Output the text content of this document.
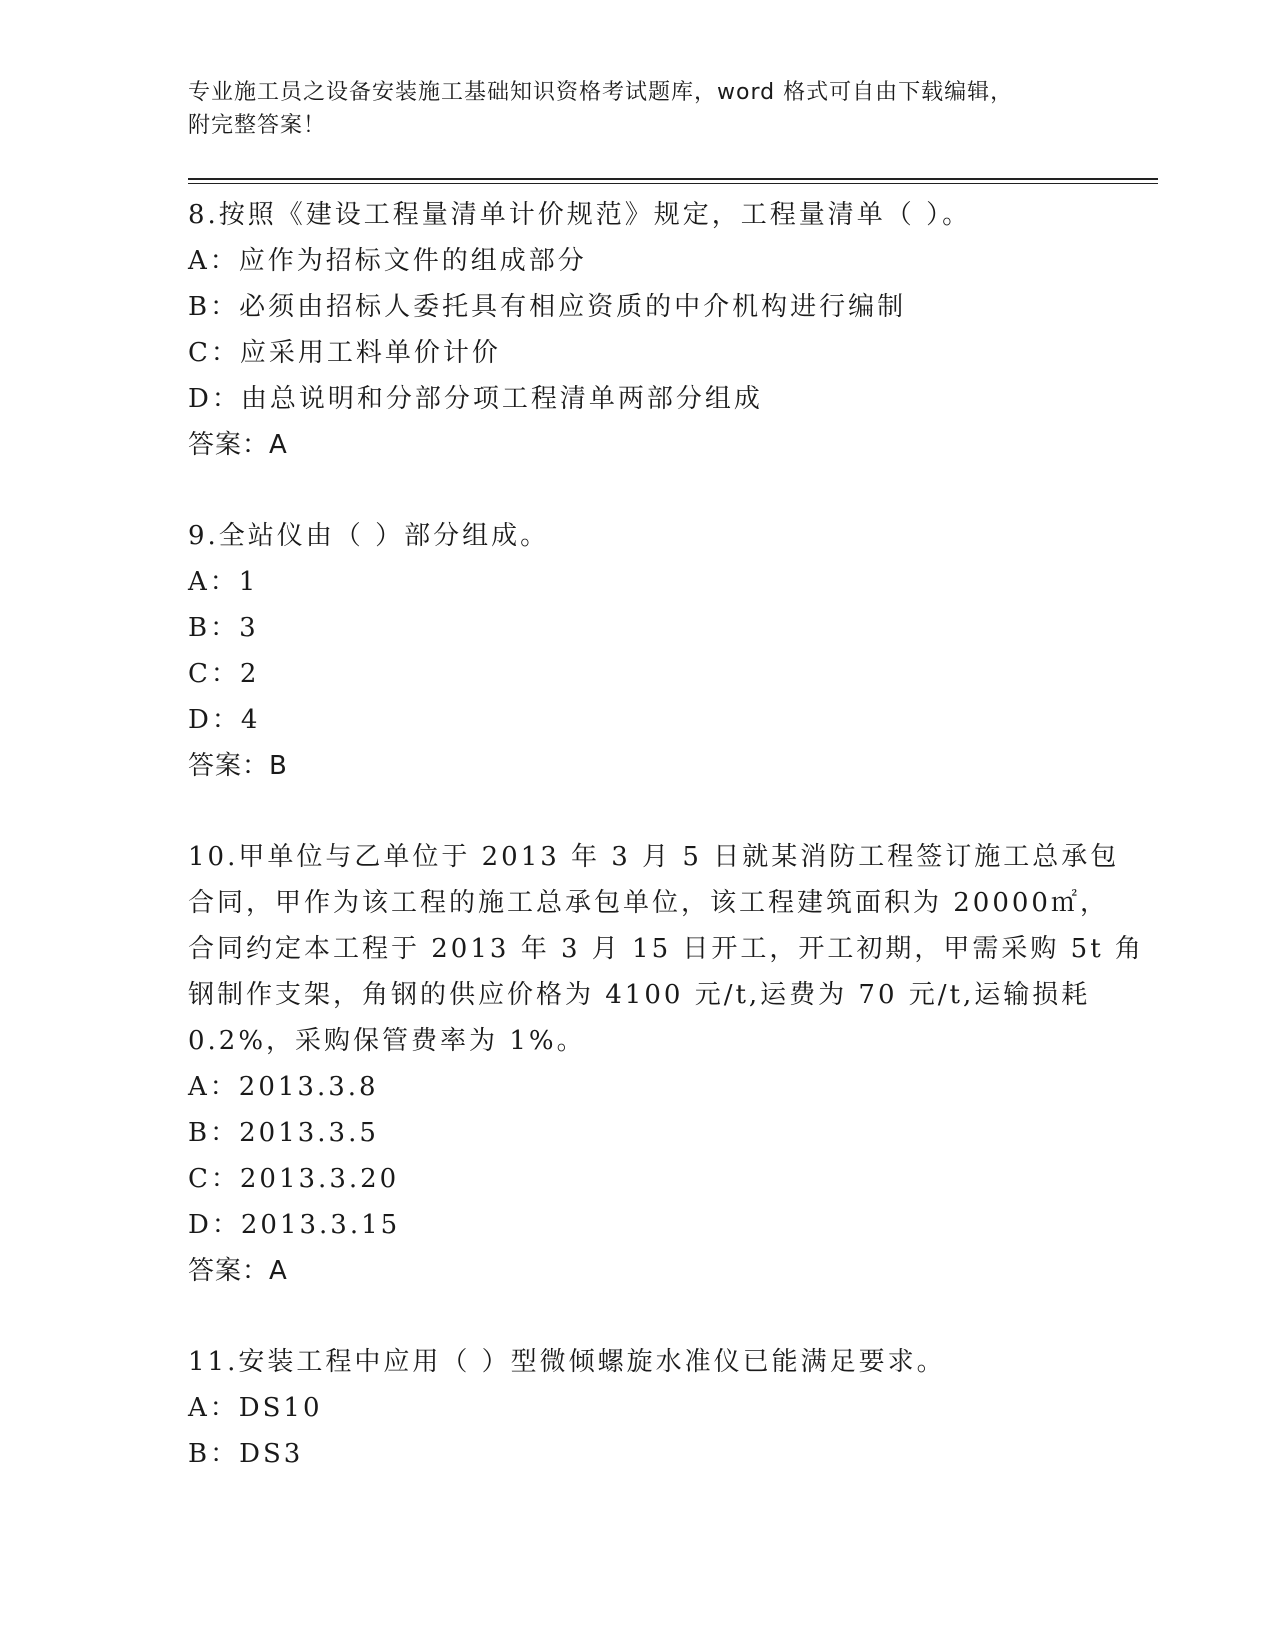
专业施工员之设备安装施工基础知识资格考试题库，word 格式可自由下载编辑，
附完整答案！
8.按照《建设工程量清单计价规范》规定，工程量清单（ ）。
A：应作为招标文件的组成部分
B：必须由招标人委托具有相应资质的中介机构进行编制
C：应采用工料单价计价
D：由总说明和分部分项工程清单两部分组成
答案：A
9.全站仪由（ ）部分组成。
A：1
B：3
C：2
D：4
答案：B
10.甲单位与乙单位于 2013 年 3 月 5 日就某消防工程签订施工总承包
合同，甲作为该工程的施工总承包单位，该工程建筑面积为 20000㎡，
合同约定本工程于 2013 年 3 月 15 日开工，开工初期，甲需采购 5t 角
钢制作支架，角钢的供应价格为 4100 元/t,运费为 70 元/t,运输损耗
0.2%，采购保管费率为 1%。
A：2013.3.8
B：2013.3.5
C：2013.3.20
D：2013.3.15
答案：A
11.安装工程中应用（ ）型微倾螺旋水准仪已能满足要求。
A：DS10
B：DS3
